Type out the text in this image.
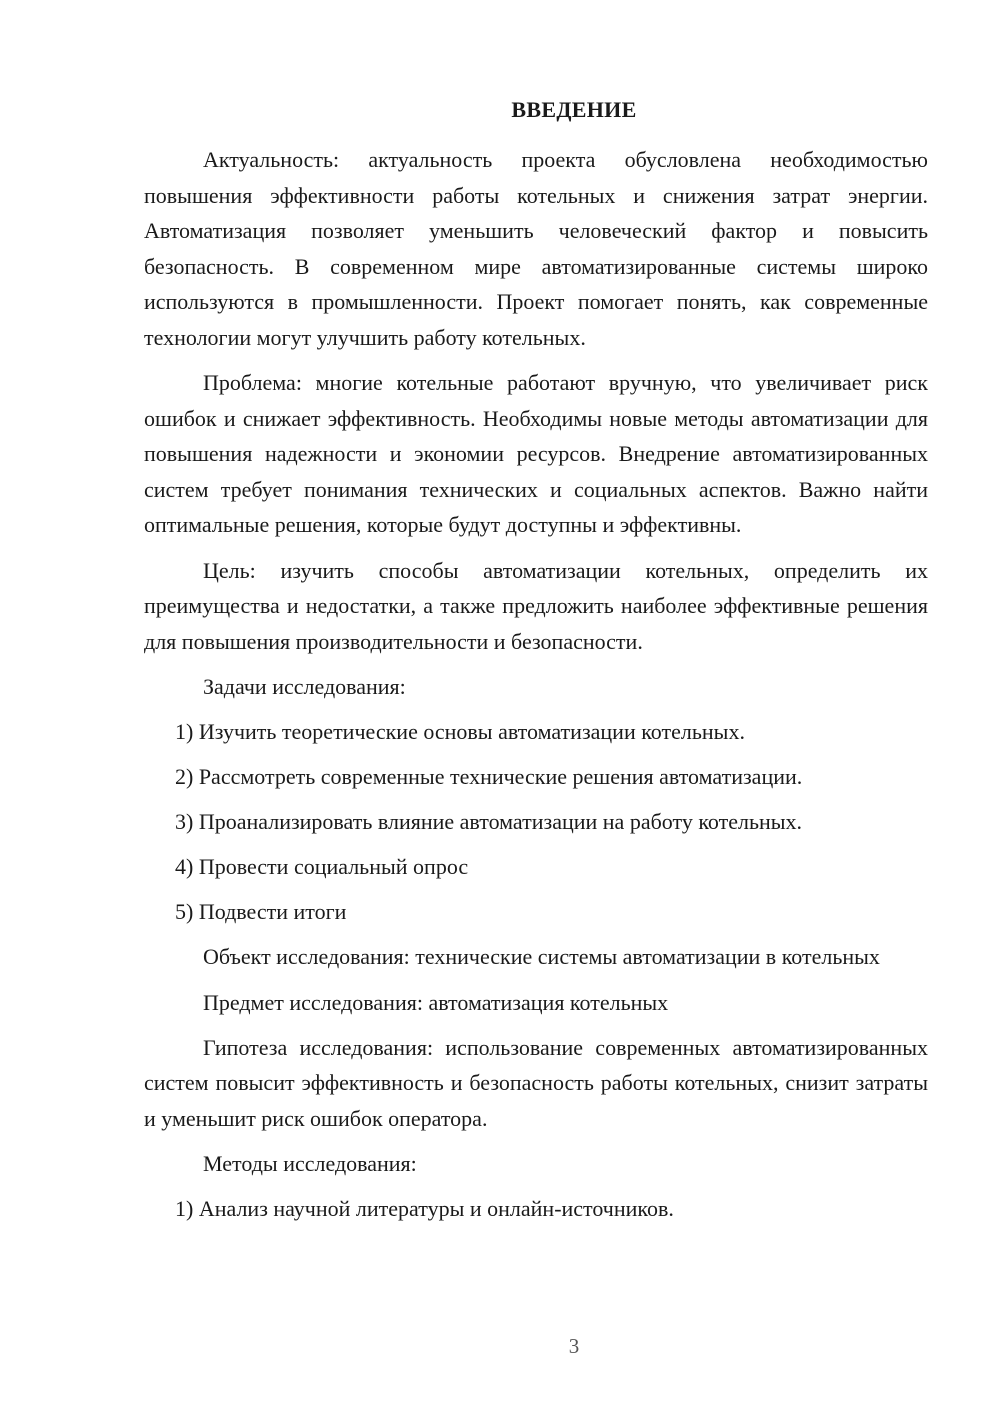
ВВЕДЕНИЕ

Актуальность: актуальность проекта обусловлена необходимостью повышения эффективности работы котельных и снижения затрат энергии. Автоматизация позволяет уменьшить человеческий фактор и повысить безопасность. В современном мире автоматизированные системы широко используются в промышленности. Проект помогает понять, как современные технологии могут улучшить работу котельных.

Проблема: многие котельные работают вручную, что увеличивает риск ошибок и снижает эффективность. Необходимы новые методы автоматизации для повышения надежности и экономии ресурсов. Внедрение автоматизированных систем требует понимания технических и социальных аспектов. Важно найти оптимальные решения, которые будут доступны и эффективны.

Цель: изучить способы автоматизации котельных, определить их преимущества и недостатки, а также предложить наиболее эффективные решения для повышения производительности и безопасности.

Задачи исследования:

1) Изучить теоретические основы автоматизации котельных.

2) Рассмотреть современные технические решения автоматизации.

3) Проанализировать влияние автоматизации на работу котельных.

4) Провести социальный опрос

5) Подвести итоги

Объект исследования: технические системы автоматизации в котельных

Предмет исследования: автоматизация котельных

Гипотеза исследования: использование современных автоматизированных систем повысит эффективность и безопасность работы котельных, снизит затраты и уменьшит риск ошибок оператора.

Методы исследования:

1) Анализ научной литературы и онлайн-источников.

3
